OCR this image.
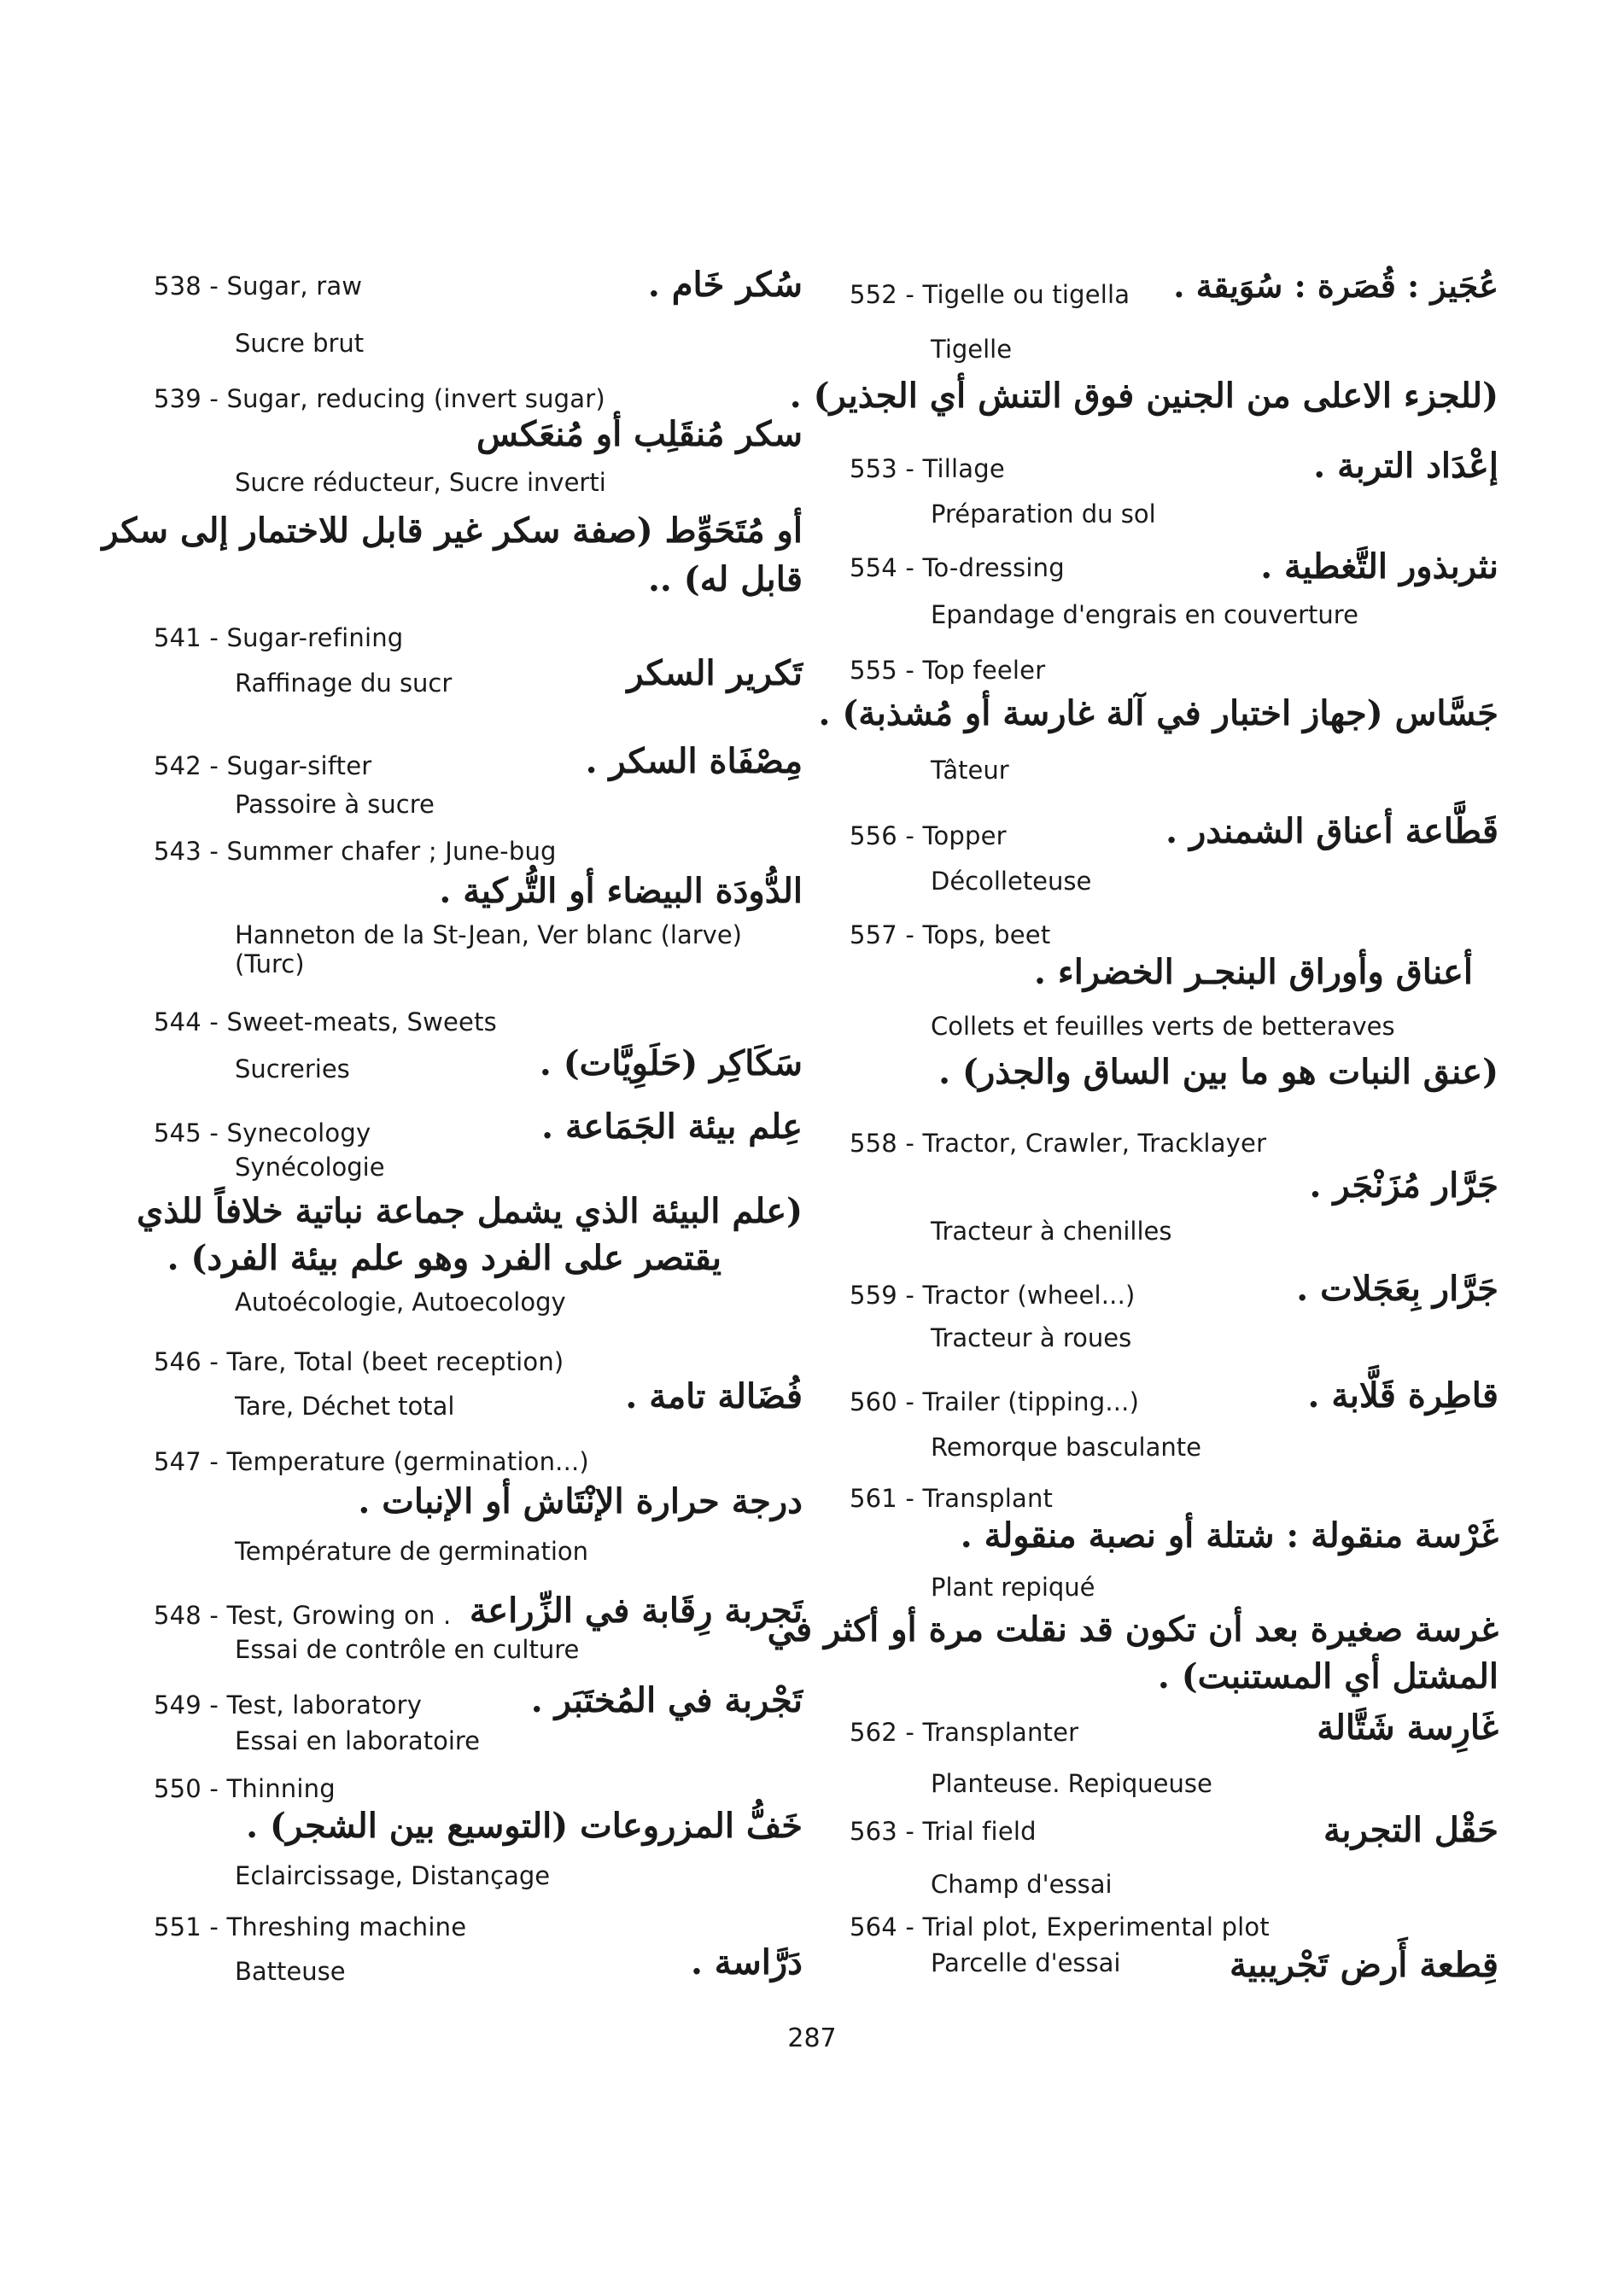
538 - Sugar, raw	سُكر خَام .
Sucre brut
539 - Sugar, reducing (invert sugar)
سكر مُنقَلِب أو مُنعَكس
Sucre réducteur, Sucre inverti
أو مُتَحَوِّط (صفة سكر غير قابل للاختمار إلى سكر
قابل له) ..
541 - Sugar-refining
Raffinage du sucr	تَكرير السكر
542 - Sugar-sifter	مِصْفَاة السكر .
Passoire à sucre
543 - Summer chafer ; June-bug
الدُّودَة البيضاء أو التُّركية .
Hanneton de la St-Jean, Ver blanc (larve)
(Turc)
544 - Sweet-meats, Sweets
Sucreries	سَكَاكِر (حَلَوِيَّات) .
545 - Synecology	عِلم بيئة الجَمَاعة .
Synécologie
(علم البيئة الذي يشمل جماعة نباتية خلافاً للذي
يقتصر على الفرد وهو علم بيئة الفرد) .
Autoécologie, Autoecology
546 - Tare, Total (beet reception)
Tare, Déchet total	فُضَالة تامة .
547 - Temperature (germination...)
درجة حرارة الإنْتَاش أو الإنبات .
Température de germination
548 - Test, Growing on . تَجربة رِقَابة في الزِّراعة
Essai de contrôle en culture
549 - Test, laboratory	تَجْربة في المُختَبَر .
Essai en laboratoire
550 - Thinning
خَفُّ المزروعات (التوسيع بين الشجر) .
Eclaircissage, Distançage
551 - Threshing machine
Batteuse	دَرَّاسة .
552 - Tigelle ou tigella	عُجَيز : قُصَرة : سُوَيقة .
Tigelle
(للجزء الاعلى من الجنين فوق التنش أي الجذير) .
553 - Tillage	إعْدَاد التربة .
Préparation du sol
554 - To-dressing	نثربذور التَّغطية .
Epandage d'engrais en couverture
555 - Top feeler
جَسَّاس (جهاز اختبار في آلة غارسة أو مُشذبة) .
Tâteur
556 - Topper	قَطَّاعة أعناق الشمندر .
Décolleteuse
557 - Tops, beet
أعناق وأوراق البنجـر الخضراء .
Collets et feuilles verts de betteraves
(عنق النبات هو ما بين الساق والجذر) .
558 - Tractor, Crawler, Tracklayer
جَرَّار مُزَنْجَر .
Tracteur à chenilles
559 - Tractor (wheel...)	جَرَّار بِعَجَلات .
Tracteur à roues
560 - Trailer (tipping...)	قاطِرة قَلَّابة .
Remorque basculante
561 - Transplant
غَرْسة منقولة : شتلة أو نصبة منقولة .
Plant repiqué
غرسة صغيرة بعد أن تكون قد نقلت مرة أو أكثر في
المشتل أي المستنبت) .
562 - Transplanter	غَارِسة شَتَّالة
Planteuse. Repiqueuse
563 - Trial field	حَقْل التجربة
Champ d'essai
564 - Trial plot, Experimental plot
Parcelle d'essai	قِطعة أَرض تَجْريبية
287
